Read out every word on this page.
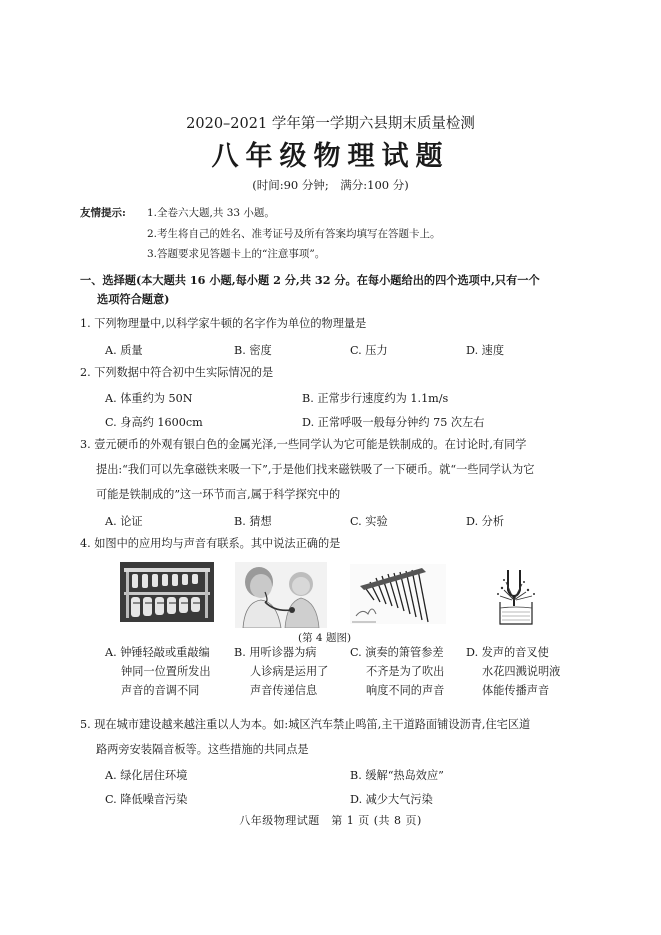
2020–2021 学年第一学期六县期末质量检测
八年级物理试题
(时间:90 分钟;　满分:100 分)
友情提示: 1.全卷六大题,共 33 小题。
2.考生将自己的姓名、准考证号及所有答案均填写在答题卡上。
3.答题要求见答题卡上的“注意事项”。
一、选择题(本大题共 16 小题,每小题 2 分,共 32 分。在每小题给出的四个选项中,只有一个
选项符合题意)
1. 下列物理量中,以科学家牛顿的名字作为单位的物理量是
A. 质量	B. 密度	C. 压力	D. 速度
2. 下列数据中符合初中生实际情况的是
A. 体重约为 50N	B. 正常步行速度约为 1.1m/s
C. 身高约 1600cm	D. 正常呼吸一般每分钟约 75 次左右
3. 壹元硬币的外观有银白色的金属光泽,一些同学认为它可能是铁制成的。在讨论时,有同学
提出:“我们可以先拿磁铁来吸一下”,于是他们找来磁铁吸了一下硬币。就“一些同学认为它
可能是铁制成的”这一环节而言,属于科学探究中的
A. 论证	B. 猜想	C. 实验	D. 分析
4. 如图中的应用均与声音有联系。其中说法正确的是
(第 4 题图)
A. 钟锤轻敲或重敲编
钟同一位置所发出
声音的音调不同
B. 用听诊器为病
人诊病是运用了
声音传递信息
C. 演奏的箫管参差
不齐是为了吹出
响度不同的声音
D. 发声的音叉使
水花四溅说明液
体能传播声音
5. 现在城市建设越来越注重以人为本。如:城区汽车禁止鸣笛,主干道路面铺设沥青,住宅区道
路两旁安装隔音板等。这些措施的共同点是
A. 绿化居住环境	B. 缓解“热岛效应”
C. 降低噪音污染	D. 减少大气污染
八年级物理试题　第 1 页 (共 8 页)
